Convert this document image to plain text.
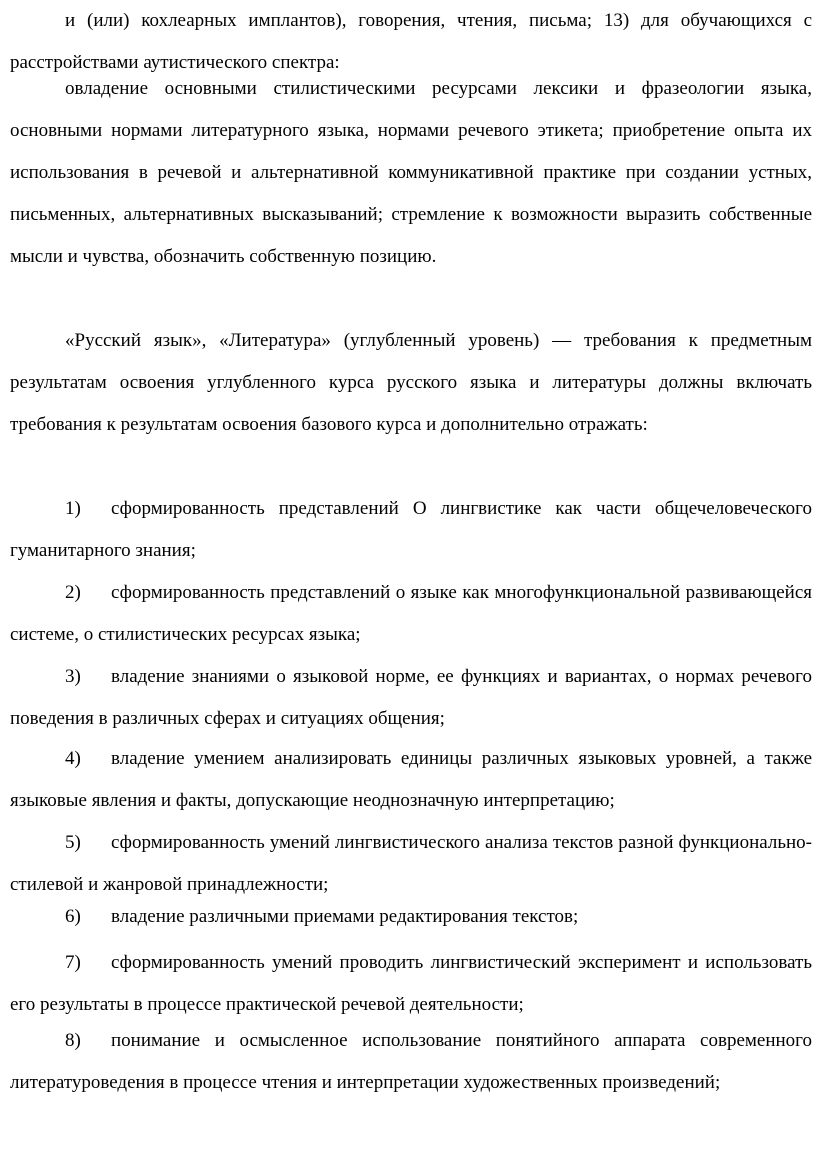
и (или) кохлеарных имплантов), говорения, чтения, письма; 13) для обучающихся с расстройствами аутистического спектра:

овладение основными стилистическими ресурсами лексики и фразеологии языка, основными нормами литературного языка, нормами речевого этикета; приобретение опыта их использования в речевой и альтернативной коммуникативной практике при создании устных, письменных, альтернативных высказываний; стремление к возможности выразить собственные мысли и чувства, обозначить собственную позицию.

«Русский язык», «Литература» (углубленный уровень) — требования к предметным результатам освоения углубленного курса русского языка и литературы должны включать требования к результатам освоения базового курса и дополнительно отражать:

1) сформированность представлений О лингвистике как части общечеловеческого гуманитарного знания;

2) сформированность представлений о языке как многофункциональной развивающейся системе, о стилистических ресурсах языка;

3) владение знаниями о языковой норме, ее функциях и вариантах, о нормах речевого поведения в различных сферах и ситуациях общения;

4) владение умением анализировать единицы различных языковых уровней, а также языковые явления и факты, допускающие неоднозначную интерпретацию;

5) сформированность умений лингвистического анализа текстов разной функционально-стилевой и жанровой принадлежности;

6) владение различными приемами редактирования текстов;

7) сформированность умений проводить лингвистический эксперимент и использовать его результаты в процессе практической речевой деятельности;

8) понимание и осмысленное использование понятийного аппарата современного литературоведения в процессе чтения и интерпретации художественных произведений;
